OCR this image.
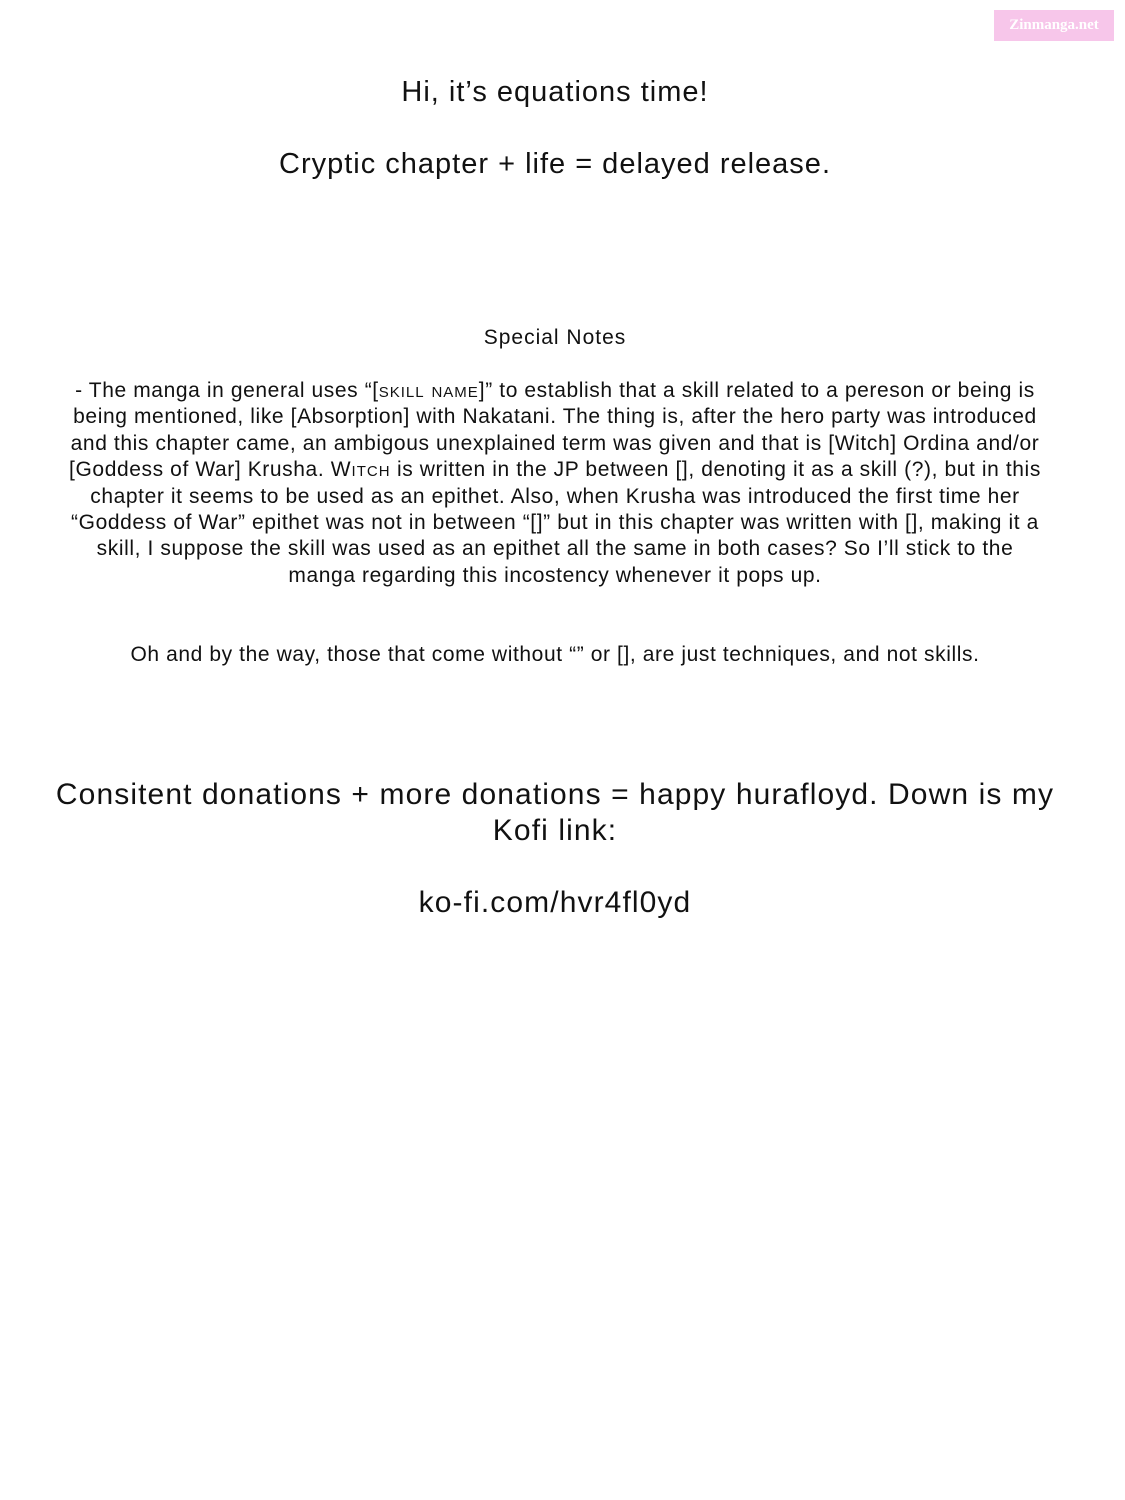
Zinmanga.net
Hi, it’s equations time!
Cryptic chapter + life = delayed release.
Special Notes
- The manga in general uses “[skill name]” to establish that a skill related to a pereson or being is being mentioned, like [Absorption] with Nakatani. The thing is, after the hero party was introduced and this chapter came, an ambigous unexplained term was given and that is [Witch] Ordina and/or [Goddess of War] Krusha. Witch is written in the JP between [], denoting it as a skill (?), but in this chapter it seems to be used as an epithet. Also, when Krusha was introduced the first time her “Goddess of War” epithet was not in between “[]” but in this chapter was written with [], making it a skill, I suppose the skill was used as an epithet all the same in both cases? So I’ll stick to the manga regarding this incostency whenever it pops up.
Oh and by the way, those that come without “” or [], are just techniques, and not skills.
Consitent donations + more donations = happy hurafloyd. Down is my Kofi link:
ko-fi.com/hvr4fl0yd
